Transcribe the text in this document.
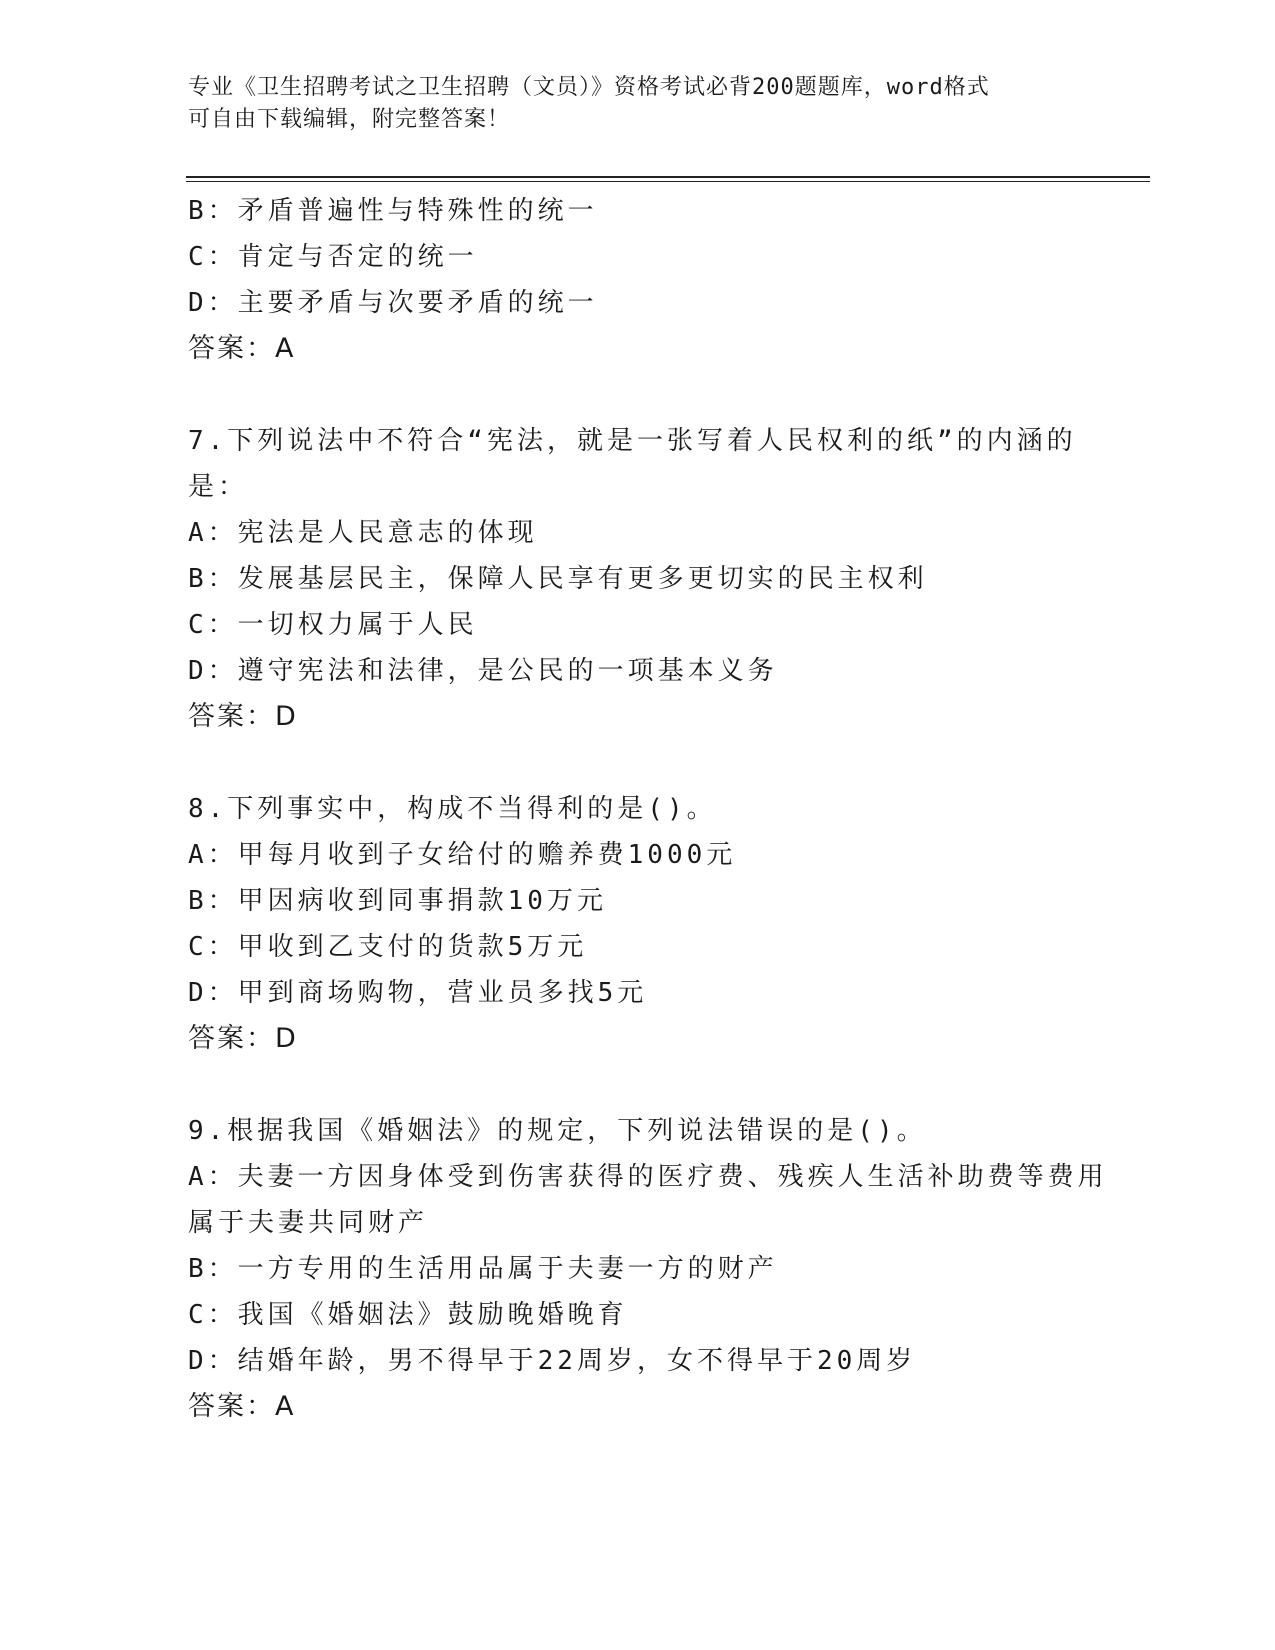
专业《卫生招聘考试之卫生招聘（文员）》资格考试必背200题题库，word格式
可自由下载编辑，附完整答案！
B：矛盾普遍性与特殊性的统一
C：肯定与否定的统一
D：主要矛盾与次要矛盾的统一
答案：A
7.下列说法中不符合“宪法，就是一张写着人民权利的纸”的内涵的
是：
A：宪法是人民意志的体现
B：发展基层民主，保障人民享有更多更切实的民主权利
C：一切权力属于人民
D：遵守宪法和法律，是公民的一项基本义务
答案：D
8.下列事实中，构成不当得利的是()。
A：甲每月收到子女给付的赡养费1000元
B：甲因病收到同事捐款10万元
C：甲收到乙支付的货款5万元
D：甲到商场购物，营业员多找5元
答案：D
9.根据我国《婚姻法》的规定，下列说法错误的是()。
A：夫妻一方因身体受到伤害获得的医疗费、残疾人生活补助费等费用
属于夫妻共同财产
B：一方专用的生活用品属于夫妻一方的财产
C：我国《婚姻法》鼓励晚婚晚育
D：结婚年龄，男不得早于22周岁，女不得早于20周岁
答案：A
